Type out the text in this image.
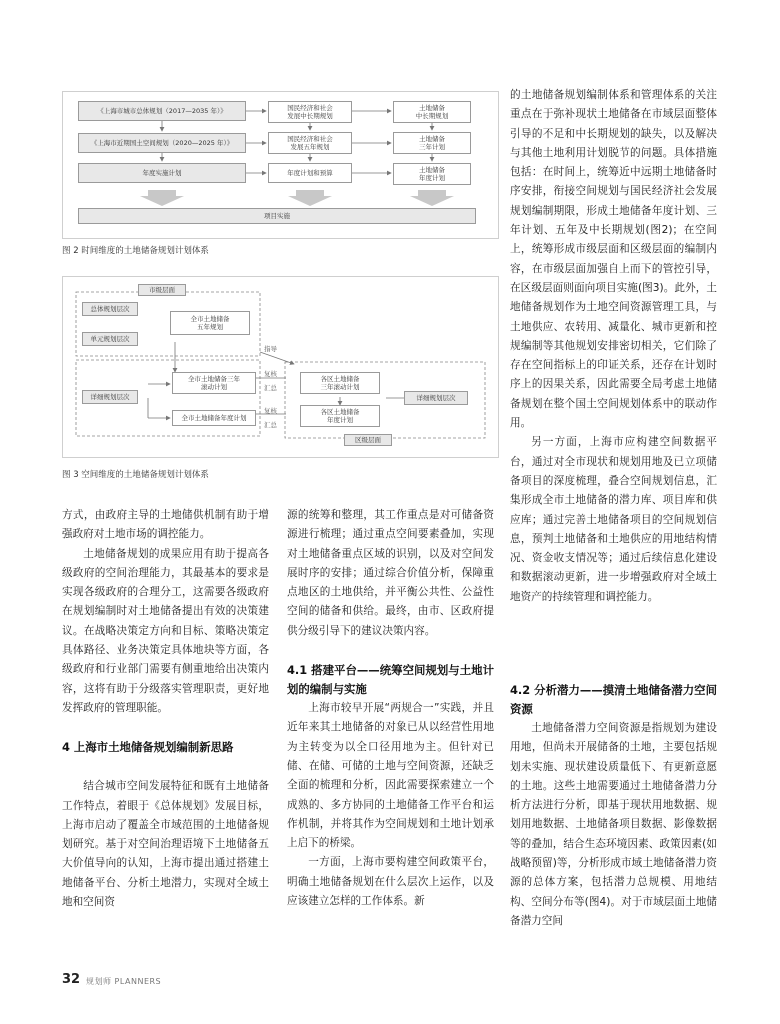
《上海市城市总体规划（2017—2035 年）》
《上海市近期国土空间规划（2020—2025 年）》
年度实施计划
国民经济和社会
发展中长期规划
国民经济和社会
发展五年规划
年度计划和预算
土地储备
中长期规划
土地储备
三年计划
土地储备
年度计划
项目实施
图 2 时间维度的土地储备规划计划体系
市级层面
总体规划层次
单元规划层次
全市土地储备
五年规划
详细规划层次
全市土地储备三年
滚动计划
全市土地储备年度计划
各区土地储备
三年滚动计划
各区土地储备
年度计划
详细规划层次
区级层面
指导
复核
汇总
复核
汇总
图 3 空间维度的土地储备规划计划体系

的土地储备规划编制体系和管理体系的关注重点在于弥补现状土地储备在市域层面整体引导的不足和中长期规划的缺失，以及解决与其他土地利用计划脱节的问题。具体措施包括：在时间上，统筹近中远期土地储备时序安排，衔接空间规划与国民经济社会发展规划编制期限，形成土地储备年度计划、三年计划、五年及中长期规划(图2)；在空间上，统筹形成市级层面和区级层面的编制内容，在市级层面加强自上而下的管控引导，在区级层面则面向项目实施(图3)。此外，土地储备规划作为土地空间资源管理工具，与土地供应、农转用、减量化、城市更新和控规编制等其他规划安排密切相关，它们除了存在空间指标上的印证关系，还存在计划时序上的因果关系，因此需要全局考虑土地储备规划在整个国土空间规划体系中的联动作用。

另一方面，上海市应构建空间数据平台，通过对全市现状和规划用地及已立项储备项目的深度梳理，叠合空间规划信息，汇集形成全市土地储备的潜力库、项目库和供应库；通过完善土地储备项目的空间规划信息，预判土地储备和土地供应的用地结构情况、资金收支情况等；通过后续信息化建设和数据滚动更新，进一步增强政府对全域土地资产的持续管理和调控能力。

方式，由政府主导的土地储供机制有助于增强政府对土地市场的调控能力。

土地储备规划的成果应用有助于提高各级政府的空间治理能力，其最基本的要求是实现各级政府的合理分工，这需要各级政府在规划编制时对土地储备提出有效的决策建议。在战略决策定方向和目标、策略决策定具体路径、业务决策定具体地块等方面，各级政府和行业部门需要有侧重地给出决策内容，这将有助于分级落实管理职责，更好地发挥政府的管理职能。

4 上海市土地储备规划编制新思路

结合城市空间发展特征和既有土地储备工作特点，着眼于《总体规划》发展目标，上海市启动了覆盖全市域范围的土地储备规划研究。基于对空间治理语境下土地储备五大价值导向的认知，上海市提出通过搭建土地储备平台、分析土地潜力，实现对全域土地和空间资

源的统筹和整理，其工作重点是对可储备资源进行梳理；通过重点空间要素叠加，实现对土地储备重点区域的识别，以及对空间发展时序的安排；通过综合价值分析，保障重点地区的土地供给，并平衡公共性、公益性空间的储备和供给。最终，由市、区政府提供分级引导下的建议决策内容。

4.1 搭建平台——统筹空间规划与土地计划的编制与实施

上海市较早开展“两规合一”实践，并且近年来其土地储备的对象已从以经营性用地为主转变为以全口径用地为主。但针对已储、在储、可储的土地与空间资源，还缺乏全面的梳理和分析，因此需要探索建立一个成熟的、多方协同的土地储备工作平台和运作机制，并将其作为空间规划和土地计划承上启下的桥梁。

一方面，上海市要构建空间政策平台，明确土地储备规划在什么层次上运作，以及应该建立怎样的工作体系。新

4.2 分析潜力——摸清土地储备潜力空间资源

土地储备潜力空间资源是指规划为建设用地，但尚未开展储备的土地，主要包括规划未实施、现状建设质量低下、有更新意愿的土地。这些土地需要通过土地储备潜力分析方法进行分析，即基于现状用地数据、规划用地数据、土地储备项目数据、影像数据等的叠加，结合生态环境因素、政策因素(如战略预留)等，分析形成市域土地储备潜力资源的总体方案，包括潜力总规模、用地结构、空间分布等(图4)。对于市域层面土地储备潜力空间

32 规划师 PLANNERS
